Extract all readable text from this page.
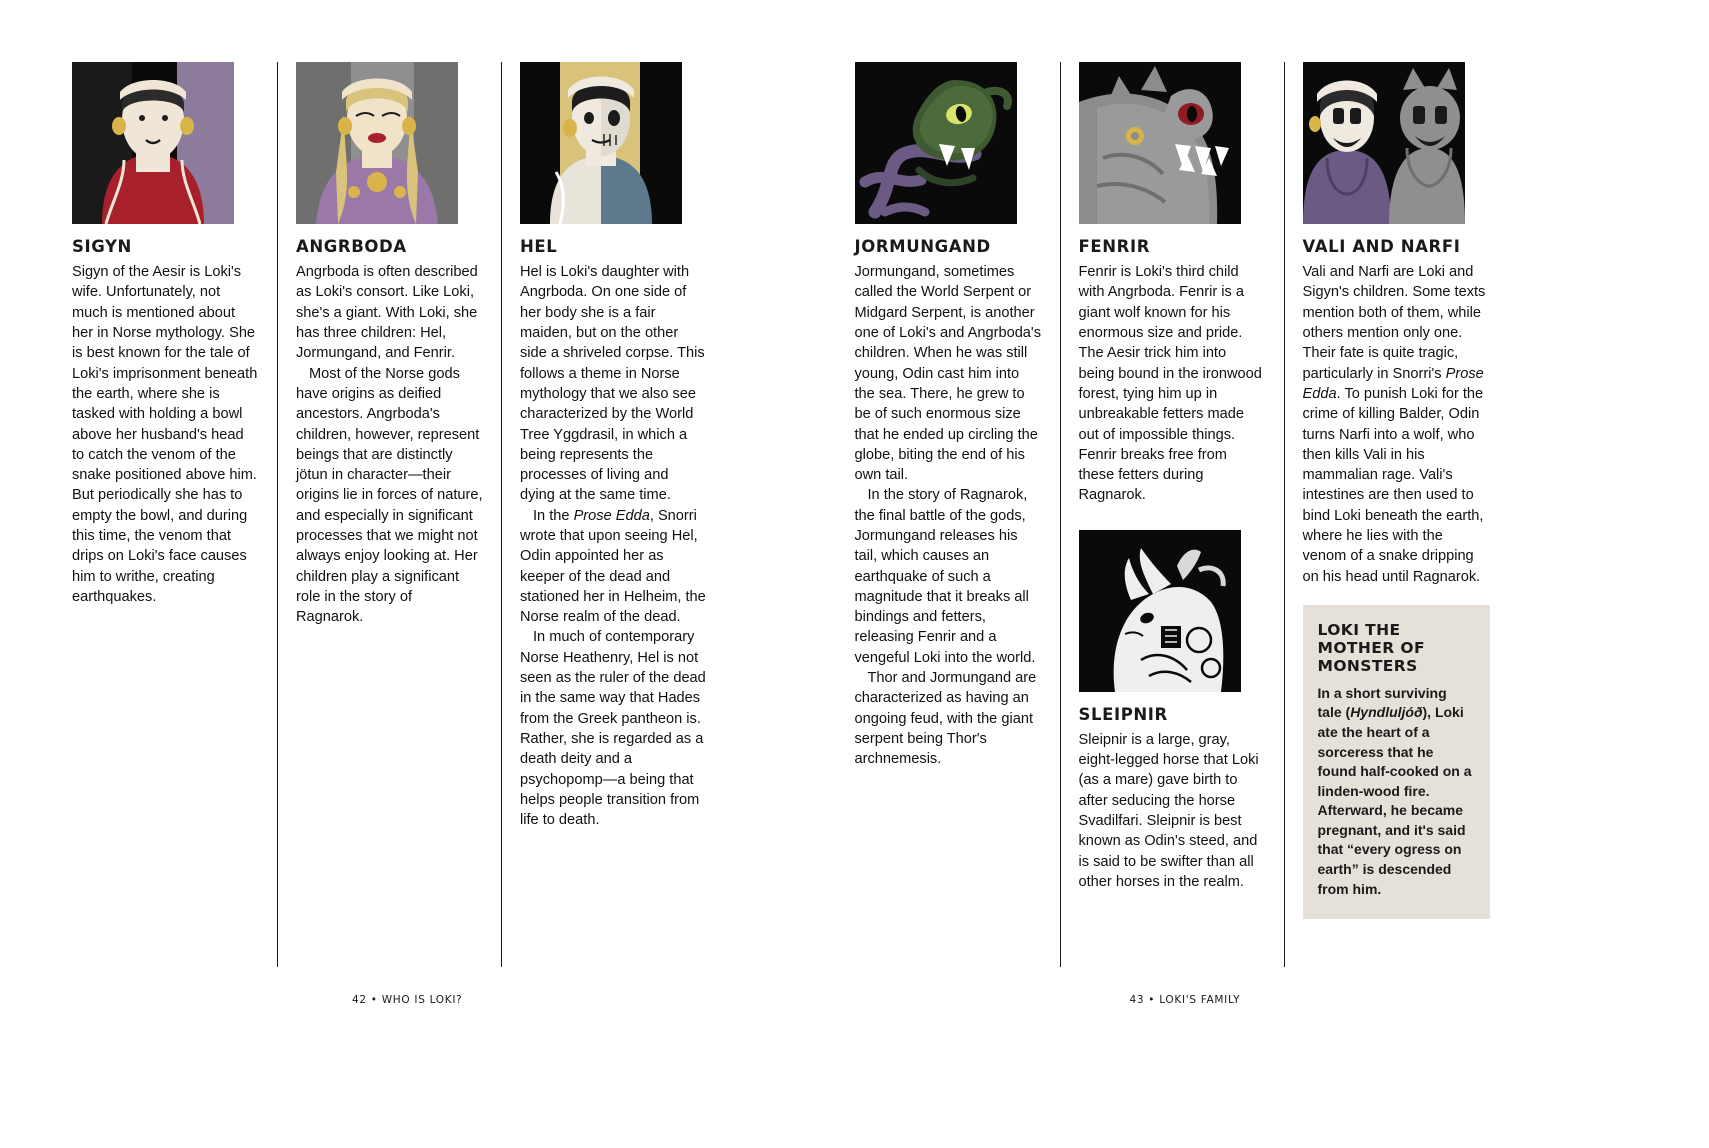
SIGYN

Sigyn of the Aesir is Loki's wife. Unfortunately, not much is mentioned about her in Norse mythology. She is best known for the tale of Loki's imprisonment beneath the earth, where she is tasked with holding a bowl above her husband's head to catch the venom of the snake positioned above him. But periodically she has to empty the bowl, and during this time, the venom that drips on Loki's face causes him to writhe, creating earthquakes.

ANGRBODA

Angrboda is often described as Loki's consort. Like Loki, she's a giant. With Loki, she has three children: Hel, Jormungand, and Fenrir.

Most of the Norse gods have origins as deified ancestors. Angrboda's children, however, represent beings that are distinctly jötun in character—their origins lie in forces of nature, and especially in significant processes that we might not always enjoy looking at. Her children play a significant role in the story of Ragnarok.

HEL

Hel is Loki's daughter with Angrboda. On one side of her body she is a fair maiden, but on the other side a shriveled corpse. This follows a theme in Norse mythology that we also see characterized by the World Tree Yggdrasil, in which a being represents the processes of living and dying at the same time.

In the Prose Edda, Snorri wrote that upon seeing Hel, Odin appointed her as keeper of the dead and stationed her in Helheim, the Norse realm of the dead.

In much of contemporary Norse Heathenry, Hel is not seen as the ruler of the dead in the same way that Hades from the Greek pantheon is. Rather, she is regarded as a death deity and a psychopomp—a being that helps people transition from life to death.

42 • WHO IS LOKI?
JORMUNGAND

Jormungand, sometimes called the World Serpent or Midgard Serpent, is another one of Loki's and Angrboda's children. When he was still young, Odin cast him into the sea. There, he grew to be of such enormous size that he ended up circling the globe, biting the end of his own tail.

In the story of Ragnarok, the final battle of the gods, Jormungand releases his tail, which causes an earthquake of such a magnitude that it breaks all bindings and fetters, releasing Fenrir and a vengeful Loki into the world.

Thor and Jormungand are characterized as having an ongoing feud, with the giant serpent being Thor's archnemesis.

FENRIR

Fenrir is Loki's third child with Angrboda. Fenrir is a giant wolf known for his enormous size and pride. The Aesir trick him into being bound in the ironwood forest, tying him up in unbreakable fetters made out of impossible things. Fenrir breaks free from these fetters during Ragnarok.

SLEIPNIR

Sleipnir is a large, gray, eight-legged horse that Loki (as a mare) gave birth to after seducing the horse Svadilfari. Sleipnir is best known as Odin's steed, and is said to be swifter than all other horses in the realm.

VALI AND NARFI

Vali and Narfi are Loki and Sigyn's children. Some texts mention both of them, while others mention only one. Their fate is quite tragic, particularly in Snorri's Prose Edda. To punish Loki for the crime of killing Balder, Odin turns Narfi into a wolf, who then kills Vali in his mammalian rage. Vali's intestines are then used to bind Loki beneath the earth, where he lies with the venom of a snake dripping on his head until Ragnarok.

LOKI THE MOTHER OF MONSTERS
In a short surviving tale (Hyndluljóð), Loki ate the heart of a sorceress that he found half-cooked on a linden-wood fire. Afterward, he became pregnant, and it's said that “every ogress on earth” is descended from him.
43 • LOKI'S FAMILY
